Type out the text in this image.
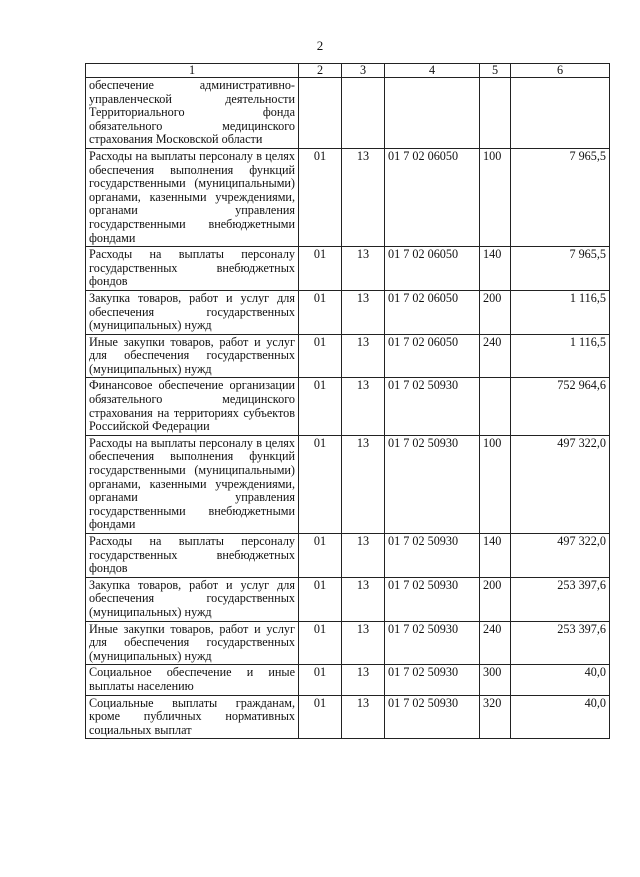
2
1	2	3	4	5	6
обеспечение административно-управленческой деятельности Территориального фонда обязательного медицинского страхования Московской области					
Расходы на выплаты персоналу в целях обеспечения выполнения функций государственными (муниципальными) органами, казенными учреждениями, органами управления государственными внебюджетными фондами	01	13	01 7 02 06050	100	7 965,5
Расходы на выплаты персоналу государственных внебюджетных фондов	01	13	01 7 02 06050	140	7 965,5
Закупка товаров, работ и услуг для обеспечения государственных (муниципальных) нужд	01	13	01 7 02 06050	200	1 116,5
Иные закупки товаров, работ и услуг для обеспечения государственных (муниципальных) нужд	01	13	01 7 02 06050	240	1 116,5
Финансовое обеспечение организации обязательного медицинского страхования на территориях субъектов Российской Федерации	01	13	01 7 02 50930		752 964,6
Расходы на выплаты персоналу в целях обеспечения выполнения функций государственными (муниципальными) органами, казенными учреждениями, органами управления государственными внебюджетными фондами	01	13	01 7 02 50930	100	497 322,0
Расходы на выплаты персоналу государственных внебюджетных фондов	01	13	01 7 02 50930	140	497 322,0
Закупка товаров, работ и услуг для обеспечения государственных (муниципальных) нужд	01	13	01 7 02 50930	200	253 397,6
Иные закупки товаров, работ и услуг для обеспечения государственных (муниципальных) нужд	01	13	01 7 02 50930	240	253 397,6
Социальное обеспечение и иные выплаты населению	01	13	01 7 02 50930	300	40,0
Социальные выплаты гражданам, кроме публичных нормативных социальных выплат	01	13	01 7 02 50930	320	40,0
